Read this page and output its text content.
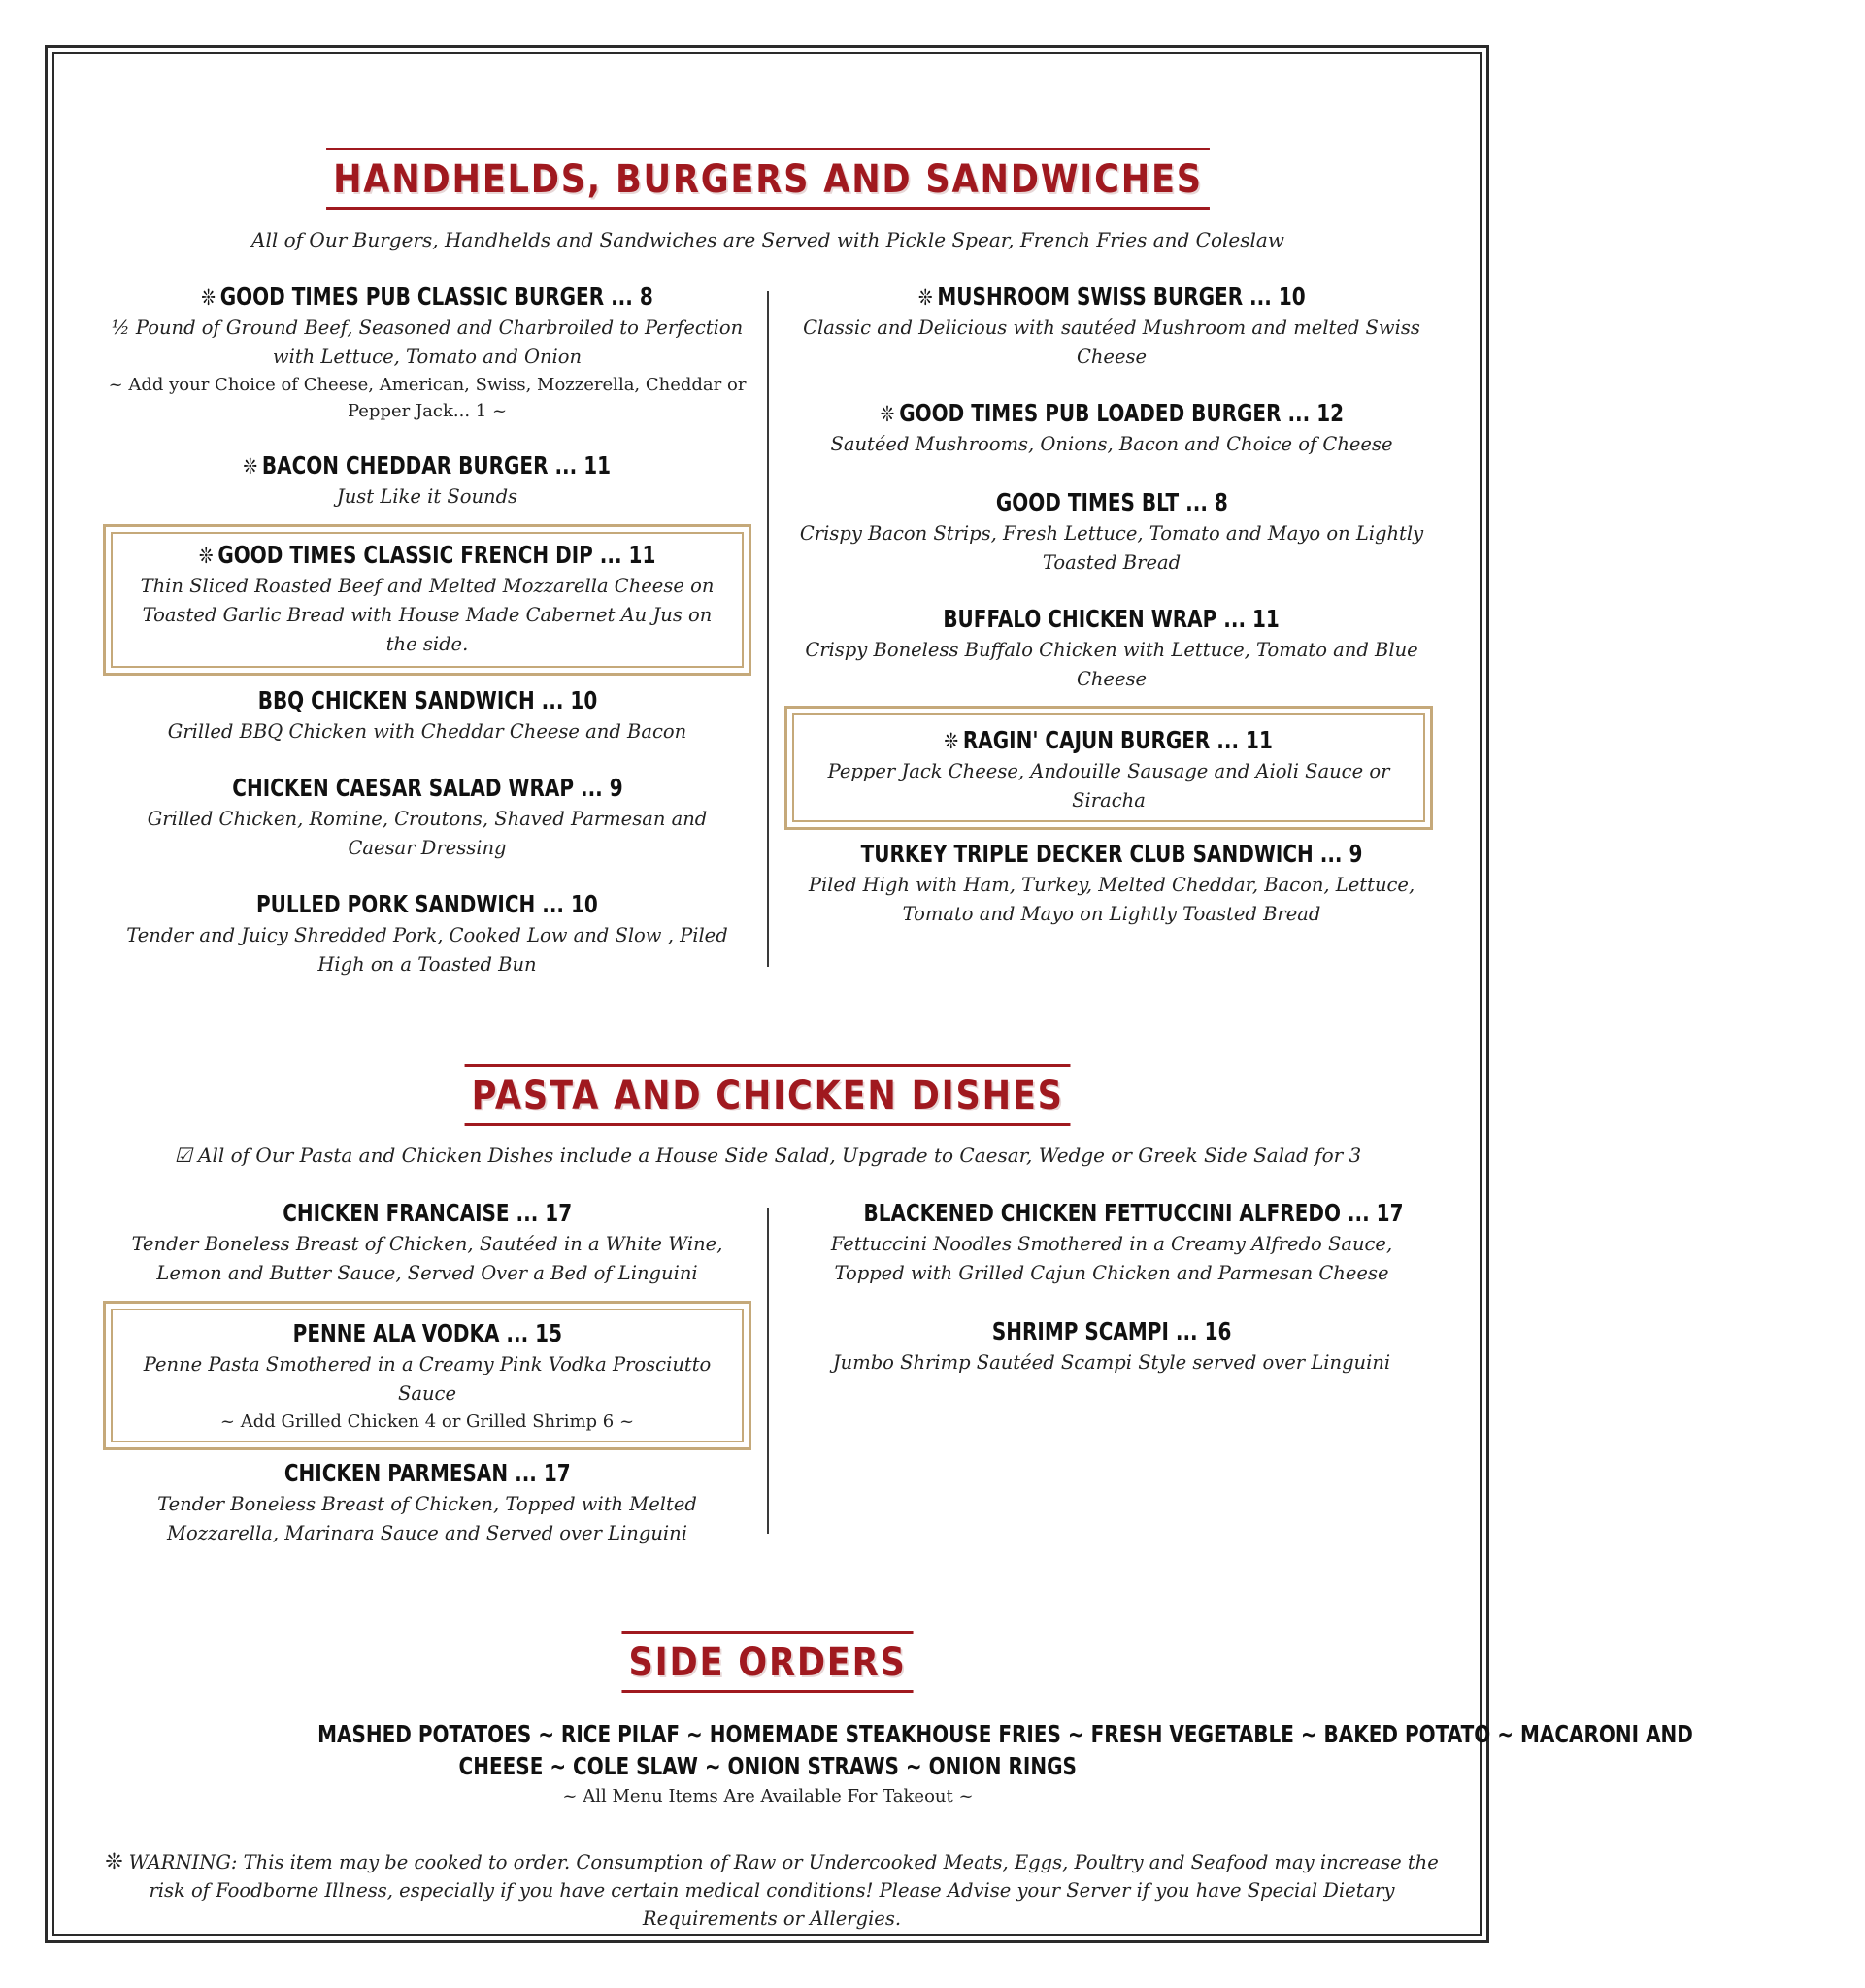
HANDHELDS, BURGERS AND SANDWICHES
All of Our Burgers, Handhelds and Sandwiches are Served with Pickle Spear, French Fries and Coleslaw
❊ GOOD TIMES PUB CLASSIC BURGER ... 8
½ Pound of Ground Beef, Seasoned and Charbroiled to Perfection with Lettuce, Tomato and Onion
~ Add your Choice of Cheese, American, Swiss, Mozzerella, Cheddar or Pepper Jack... 1 ~
❊ BACON CHEDDAR BURGER ... 11
Just Like it Sounds
❊ GOOD TIMES CLASSIC FRENCH DIP ... 11
Thin Sliced Roasted Beef and Melted Mozzarella Cheese on Toasted Garlic Bread with House Made Cabernet Au Jus on the side.
BBQ CHICKEN SANDWICH ... 10
Grilled BBQ Chicken with Cheddar Cheese and Bacon
CHICKEN CAESAR SALAD WRAP ... 9
Grilled Chicken, Romine, Croutons, Shaved Parmesan and Caesar Dressing
PULLED PORK SANDWICH ... 10
Tender and Juicy Shredded Pork, Cooked Low and Slow , Piled High on a Toasted Bun
❊ MUSHROOM SWISS BURGER ... 10
Classic and Delicious with sautéed Mushroom and melted Swiss Cheese
❊ GOOD TIMES PUB LOADED BURGER ... 12
Sautéed Mushrooms, Onions, Bacon and Choice of Cheese
GOOD TIMES BLT ... 8
Crispy Bacon Strips, Fresh Lettuce, Tomato and Mayo on Lightly Toasted Bread
BUFFALO CHICKEN WRAP ... 11
Crispy Boneless Buffalo Chicken with Lettuce, Tomato and Blue Cheese
❊ RAGIN' CAJUN BURGER ... 11
Pepper Jack Cheese, Andouille Sausage and Aioli Sauce or Siracha
TURKEY TRIPLE DECKER CLUB SANDWICH ... 9
Piled High with Ham, Turkey, Melted Cheddar, Bacon, Lettuce, Tomato and Mayo on Lightly Toasted Bread
PASTA AND CHICKEN DISHES
☑ All of Our Pasta and Chicken Dishes include a House Side Salad, Upgrade to Caesar, Wedge or Greek Side Salad for 3
CHICKEN FRANCAISE ... 17
Tender Boneless Breast of Chicken, Sautéed in a White Wine, Lemon and Butter Sauce, Served Over a Bed of Linguini
PENNE ALA VODKA ... 15
Penne Pasta Smothered in a Creamy Pink Vodka Prosciutto Sauce
~ Add Grilled Chicken 4 or Grilled Shrimp 6 ~
CHICKEN PARMESAN ... 17
Tender Boneless Breast of Chicken, Topped with Melted Mozzarella, Marinara Sauce and Served over Linguini
BLACKENED CHICKEN FETTUCCINI ALFREDO ... 17
Fettuccini Noodles Smothered in a Creamy Alfredo Sauce, Topped with Grilled Cajun Chicken and Parmesan Cheese
SHRIMP SCAMPI ... 16
Jumbo Shrimp Sautéed Scampi Style served over Linguini
SIDE ORDERS
MASHED POTATOES ~ RICE PILAF ~ HOMEMADE STEAKHOUSE FRIES ~ FRESH VEGETABLE ~ BAKED POTATO ~ MACARONI AND
CHEESE ~ COLE SLAW ~ ONION STRAWS ~ ONION RINGS
~ All Menu Items Are Available For Takeout ~
❊ WARNING: This item may be cooked to order. Consumption of Raw or Undercooked Meats, Eggs, Poultry and Seafood may increase the risk of Foodborne Illness, especially if you have certain medical conditions! Please Advise your Server if you have Special Dietary Requirements or Allergies.
